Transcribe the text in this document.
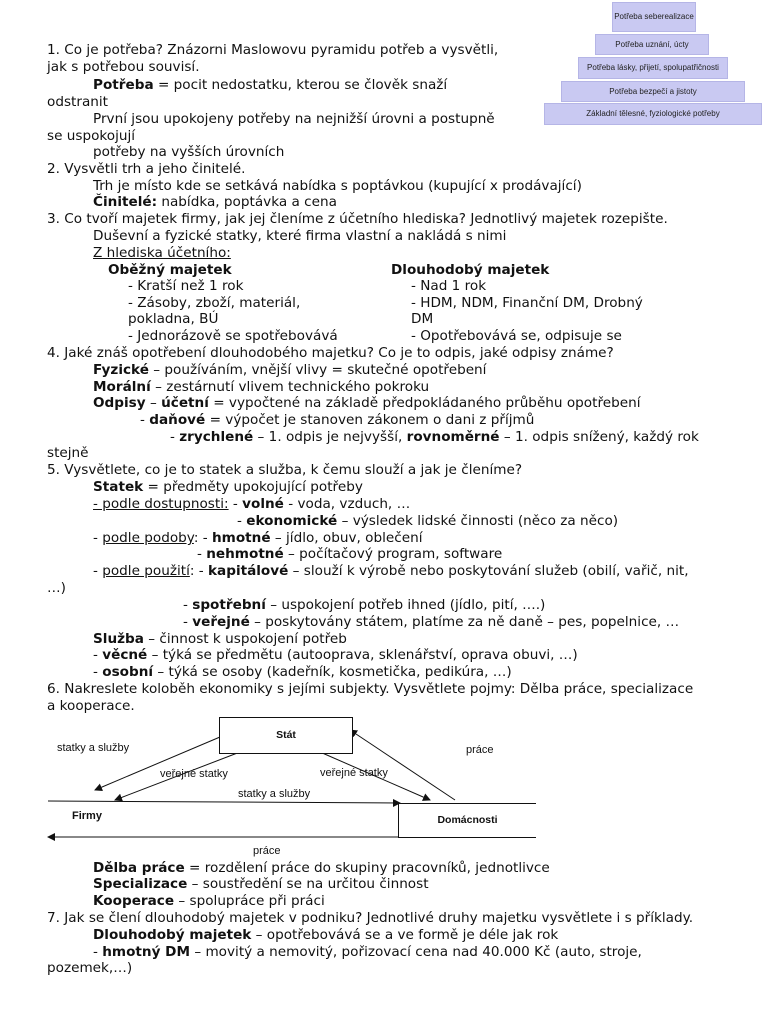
Potřeba seberealizace
Potřeba uznání, úcty
Potřeba lásky, přijetí, spolupatřičnosti
Potřeba bezpečí a jistoty
Základní tělesné, fyziologické potřeby
1. Co je potřeba? Znázorni Maslowovu pyramidu potřeb a vysvětli,
jak s potřebou souvisí.
Potřeba = pocit nedostatku, kterou se člověk snaží
odstranit
První jsou upokojeny potřeby na nejnižší úrovni a postupně
se uspokojují
potřeby na vyšších úrovních
2. Vysvětli trh a jeho činitelé.
Trh je místo kde se setkává nabídka s poptávkou (kupující x prodávající)
Činitelé: nabídka, poptávka a cena
3. Co tvoří majetek firmy, jak jej členíme z účetního hlediska? Jednotlivý majetek rozepište.
Duševní a fyzické statky, které firma vlastní a nakládá s nimi
Z hlediska účetního:
Oběžný majetek	Dlouhodobý majetek
- Kratší než 1 rok	- Nad 1 rok
- Zásoby, zboží, materiál,	- HDM, NDM, Finanční DM, Drobný
pokladna, BÚ	DM
- Jednorázově se spotřebovává	- Opotřebovává se, odpisuje se
4. Jaké znáš opotřebení dlouhodobého majetku? Co je to odpis, jaké odpisy známe?
Fyzické – používáním, vnější vlivy = skutečné opotřebení
Morální – zestárnutí vlivem technického pokroku
Odpisy – účetní = vypočtené na základě předpokládaného průběhu opotřebení
- daňové = výpočet je stanoven zákonem o dani z příjmů
- zrychlené – 1. odpis je nejvyšší, rovnoměrné – 1. odpis snížený, každý rok
stejně
5. Vysvětlete, co je to statek a služba, k čemu slouží a jak je členíme?
Statek = předměty upokojující potřeby
- podle dostupnosti: - volné - voda, vzduch, …
- ekonomické – výsledek lidské činnosti (něco za něco)
- podle podoby: - hmotné – jídlo, obuv, oblečení
- nehmotné – počítačový program, software
- podle použití: - kapitálové – slouží k výrobě nebo poskytování služeb (obilí, vařič, nit,
…)
- spotřební – uspokojení potřeb ihned (jídlo, pití, ….)
- veřejné – poskytovány státem, platíme za ně daně – pes, popelnice, …
Služba – činnost k uspokojení potřeb
- věcné – týká se předmětu (autooprava, sklenářství, oprava obuvi, …)
- osobní – týká se osoby (kadeřník, kosmetička, pedikúra, …)
6. Nakreslete koloběh ekonomiky s jejími subjekty. Vysvětlete pojmy: Dělba práce, specializace
a kooperace.
Stát
Firmy	Domácnosti
statky a služby
veřejné statky	veřejné statky
práce
statky a služby
práce
Dělba práce = rozdělení práce do skupiny pracovníků, jednotlivce
Specializace – soustředění se na určitou činnost
Kooperace – spolupráce při práci
7. Jak se člení dlouhodobý majetek v podniku? Jednotlivé druhy majetku vysvětlete i s příklady.
Dlouhodobý majetek – opotřebovává se a ve formě je déle jak rok
- hmotný DM – movitý a nemovitý, pořizovací cena nad 40.000 Kč (auto, stroje,
pozemek,…)
